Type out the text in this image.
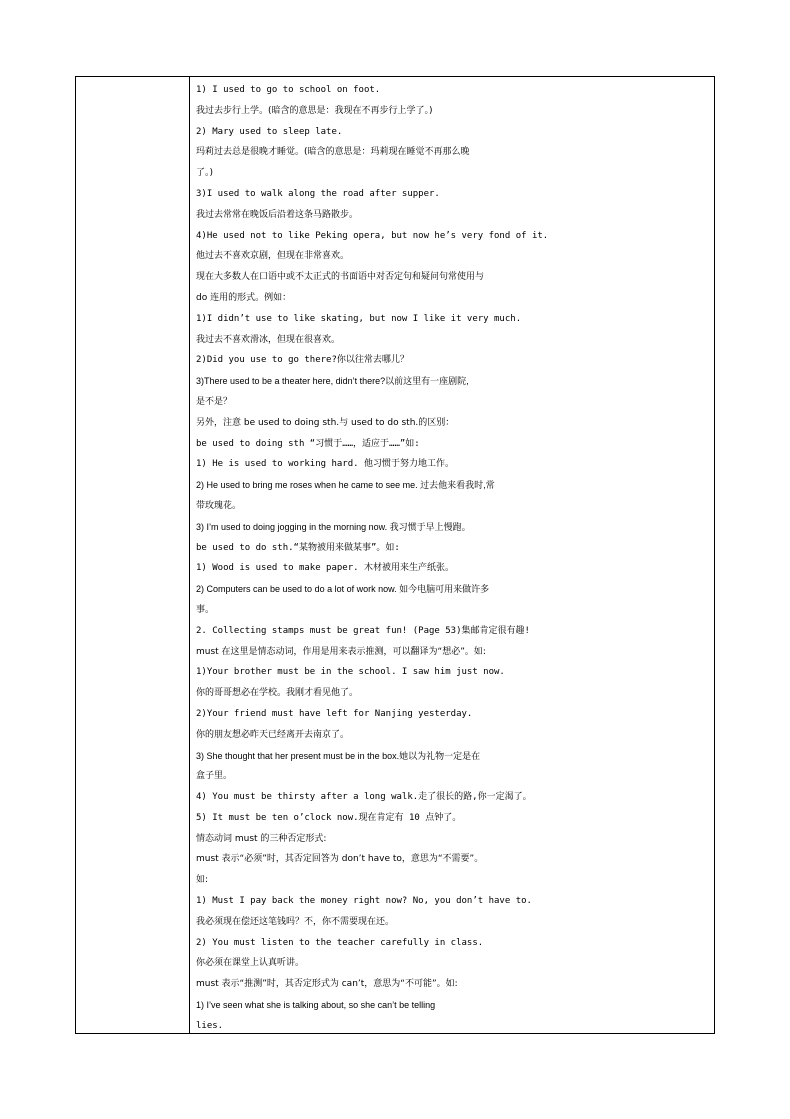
1) I used to go to school on foot.
我过去步行上学。(暗含的意思是：我现在不再步行上学了。)
2) Mary used to sleep late.
玛莉过去总是很晚才睡觉。(暗含的意思是：玛莉现在睡觉不再那么晚
了。)
3)I used to walk along the road after supper.
我过去常常在晚饭后沿着这条马路散步。
4)He used not to like Peking opera, but now he’s very fond of it.
他过去不喜欢京剧，但现在非常喜欢。
现在大多数人在口语中或不太正式的书面语中对否定句和疑问句常使用与
do 连用的形式。例如：
1)I didn’t use to like skating, but now I like it very much.
我过去不喜欢滑冰，但现在很喜欢。
2)Did you use to go there?你以往常去哪儿？
3)There used to be a theater here, didn’t there?以前这里有一座剧院,
是不是？
另外，注意 be used to doing sth.与 used to do sth.的区别：
be used to doing sth “习惯于……，适应于……”如:
1) He is used to working hard. 他习惯于努力地工作。
2) He used to bring me roses when he came to see me. 过去他来看我时,常
带玫瑰花。
3) I’m used to doing jogging in the morning now. 我习惯于早上慢跑。
be used to do sth.“某物被用来做某事”。如:
1) Wood is used to make paper. 木材被用来生产纸张。
2) Computers can be used to do a lot of work now. 如今电脑可用来做许多
事。
2. Collecting stamps must be great fun! (Page 53)集邮肯定很有趣!
must 在这里是情态动词，作用是用来表示推测，可以翻译为“想必”。如:
1)Your brother must be in the school. I saw him just now.
你的哥哥想必在学校。我刚才看见他了。
2)Your friend must have left for Nanjing yesterday.
你的朋友想必昨天已经离开去南京了。
3) She thought that her present must be in the box.她以为礼物一定是在
盒子里。
4) You must be thirsty after a long walk.走了很长的路,你一定渴了。
5) It must be ten o’clock now.现在肯定有 10 点钟了。
情态动词 must 的三种否定形式:
must 表示“必须”时，其否定回答为 don’t have to，意思为“不需要”。
如:
1) Must I pay back the money right now? No, you don’t have to.
我必须现在偿还这笔钱吗？不，你不需要现在还。
2) You must listen to the teacher carefully in class.
你必须在课堂上认真听讲。
must 表示“推测”时，其否定形式为 can’t，意思为“不可能”。如:
1) I’ve seen what she is talking about, so she can’t be telling
lies.
